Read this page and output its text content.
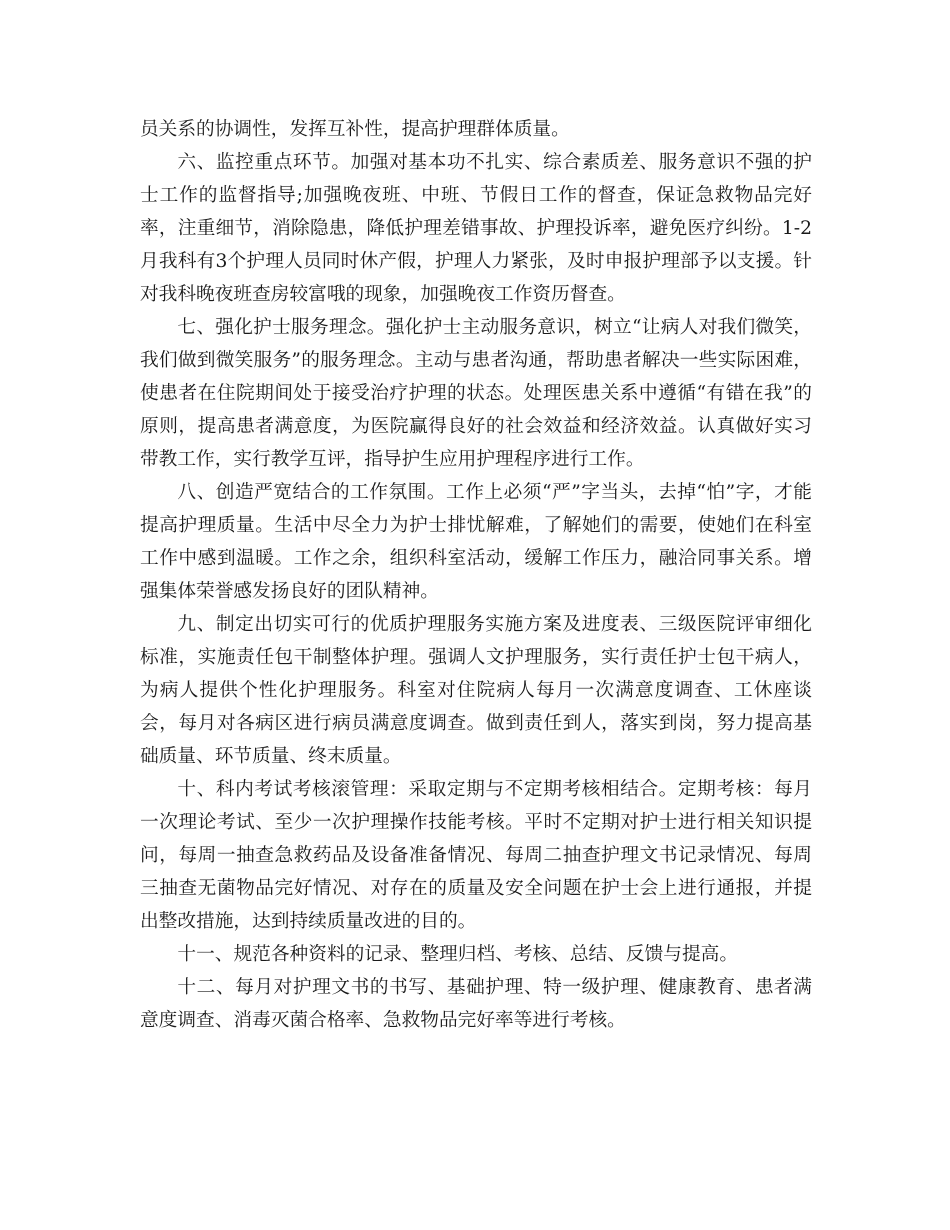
员关系的协调性，发挥互补性，提高护理群体质量。

六、监控重点环节。加强对基本功不扎实、综合素质差、服务意识不强的护士工作的监督指导;加强晚夜班、中班、节假日工作的督查，保证急救物品完好率，注重细节，消除隐患，降低护理差错事故、护理投诉率，避免医疗纠纷。1-2月我科有3个护理人员同时休产假，护理人力紧张，及时申报护理部予以支援。针对我科晚夜班查房较富哦的现象，加强晚夜工作资历督查。

七、强化护士服务理念。强化护士主动服务意识，树立“让病人对我们微笑，我们做到微笑服务”的服务理念。主动与患者沟通，帮助患者解决一些实际困难，使患者在住院期间处于接受治疗护理的状态。处理医患关系中遵循“有错在我”的原则，提高患者满意度，为医院赢得良好的社会效益和经济效益。认真做好实习带教工作，实行教学互评，指导护生应用护理程序进行工作。

八、创造严宽结合的工作氛围。工作上必须“严”字当头，去掉“怕”字，才能提高护理质量。生活中尽全力为护士排忧解难，了解她们的需要，使她们在科室工作中感到温暖。工作之余，组织科室活动，缓解工作压力，融洽同事关系。增强集体荣誉感发扬良好的团队精神。

九、制定出切实可行的优质护理服务实施方案及进度表、三级医院评审细化标准，实施责任包干制整体护理。强调人文护理服务，实行责任护士包干病人，为病人提供个性化护理服务。科室对住院病人每月一次满意度调查、工休座谈会，每月对各病区进行病员满意度调查。做到责任到人，落实到岗，努力提高基础质量、环节质量、终末质量。

十、科内考试考核滚管理：采取定期与不定期考核相结合。定期考核：每月一次理论考试、至少一次护理操作技能考核。平时不定期对护士进行相关知识提问，每周一抽查急救药品及设备准备情况、每周二抽查护理文书记录情况、每周三抽查无菌物品完好情况、对存在的质量及安全问题在护士会上进行通报，并提出整改措施，达到持续质量改进的目的。

十一、规范各种资料的记录、整理归档、考核、总结、反馈与提高。

十二、每月对护理文书的书写、基础护理、特一级护理、健康教育、患者满意度调查、消毒灭菌合格率、急救物品完好率等进行考核。
